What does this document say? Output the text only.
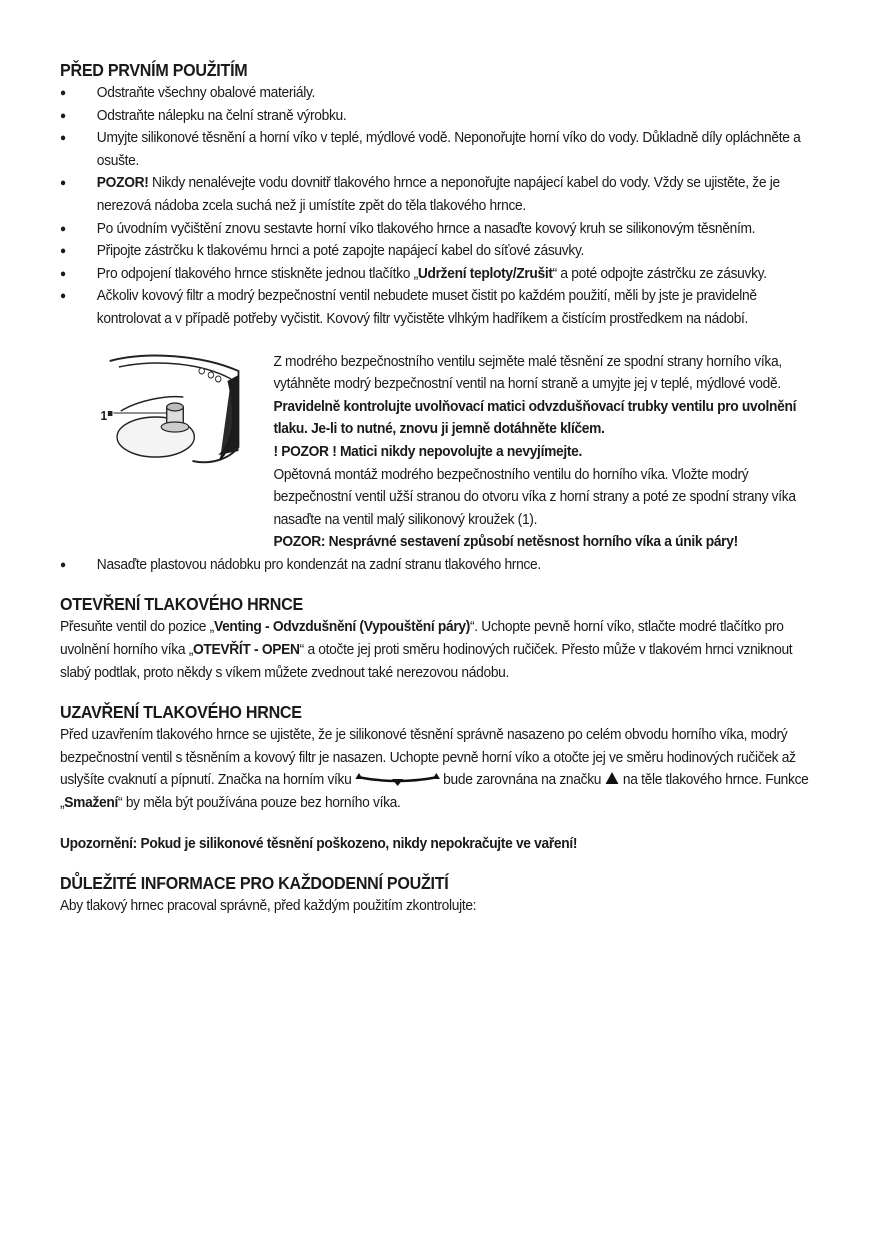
PŘED PRVNÍM POUŽITÍM
● Odstraňte všechny obalové materiály.
● Odstraňte nálepku na čelní straně výrobku.
● Umyjte silikonové těsnění a horní víko v teplé, mýdlové vodě. Neponořujte horní víko do vody. Důkladně díly opláchněte a osušte.
● POZOR! Nikdy nenalévejte vodu dovnitř tlakového hrnce a neponořujte napájecí kabel do vody. Vždy se ujistěte, že je nerezová nádoba zcela suchá než ji umístíte zpět do těla tlakového hrnce.
● Po úvodním vyčištění znovu sestavte horní víko tlakového hrnce a nasaďte kovový kruh se silikonovým těsněním.
● Připojte zástrčku k tlakovému hrnci a poté zapojte napájecí kabel do síťové zásuvky.
● Pro odpojení tlakového hrnce stiskněte jednou tlačítko „Udržení teploty/Zrušit“ a poté odpojte zástrčku ze zásuvky.
● Ačkoliv kovový filtr a modrý bezpečnostní ventil nebudete muset čistit po každém použití, měli by jste je pravidelně kontrolovat a v případě potřeby vyčistit. Kovový filtr vyčistěte vlhkým hadříkem a čistícím prostředkem na nádobí.
1

Z modrého bezpečnostního ventilu sejměte malé těsnění ze spodní strany horního víka, vytáhněte modrý bezpečnostní ventil na horní straně a umyjte jej v teplé, mýdlové vodě. Pravidelně kontrolujte uvolňovací matici odvzdušňovací trubky ventilu pro uvolnění tlaku. Je-li to nutné, znovu ji jemně dotáhněte klíčem.

! POZOR ! Matici nikdy nepovolujte a nevyjímejte.

Opětovná montáž modrého bezpečnostního ventilu do horního víka. Vložte modrý bezpečnostní ventil užší stranou do otvoru víka z horní strany a poté ze spodní strany víka nasaďte na ventil malý silikonový kroužek (1).

POZOR: Nesprávné sestavení způsobí netěsnost horního víka a únik páry!

● Nasaďte plastovou nádobku pro kondenzát na zadní stranu tlakového hrnce.
OTEVŘENÍ TLAKOVÉHO HRNCE

Přesuňte ventil do pozice „Venting - Odvzdušnění (Vypouštění páry)“. Uchopte pevně horní víko, stlačte modré tlačítko pro uvolnění horního víka „OTEVŘÍT - OPEN“ a otočte jej proti směru hodinových ručiček. Přesto může v tlakovém hrnci vzniknout slabý podtlak, proto někdy s víkem můžete zvednout také nerezovou nádobu.

UZAVŘENÍ TLAKOVÉHO HRNCE

Před uzavřením tlakového hrnce se ujistěte, že je silikonové těsnění správně nasazeno po celém obvodu horního víka, modrý bezpečnostní ventil s těsněním a kovový filtr je nasazen. Uchopte pevně horní víko a otočte jej ve směru hodinových ručiček až uslyšíte cvaknutí a pípnutí. Značka na horním víku	bude zarovnána na značku  na těle tlakového hrnce. Funkce „Smažení“ by měla být používána pouze bez horního víka.

Upozornění: Pokud je silikonové těsnění poškozeno, nikdy nepokračujte ve vaření!

DŮLEŽITÉ INFORMACE PRO KAŽDODENNÍ POUŽITÍ

Aby tlakový hrnec pracoval správně, před každým použitím zkontrolujte:
